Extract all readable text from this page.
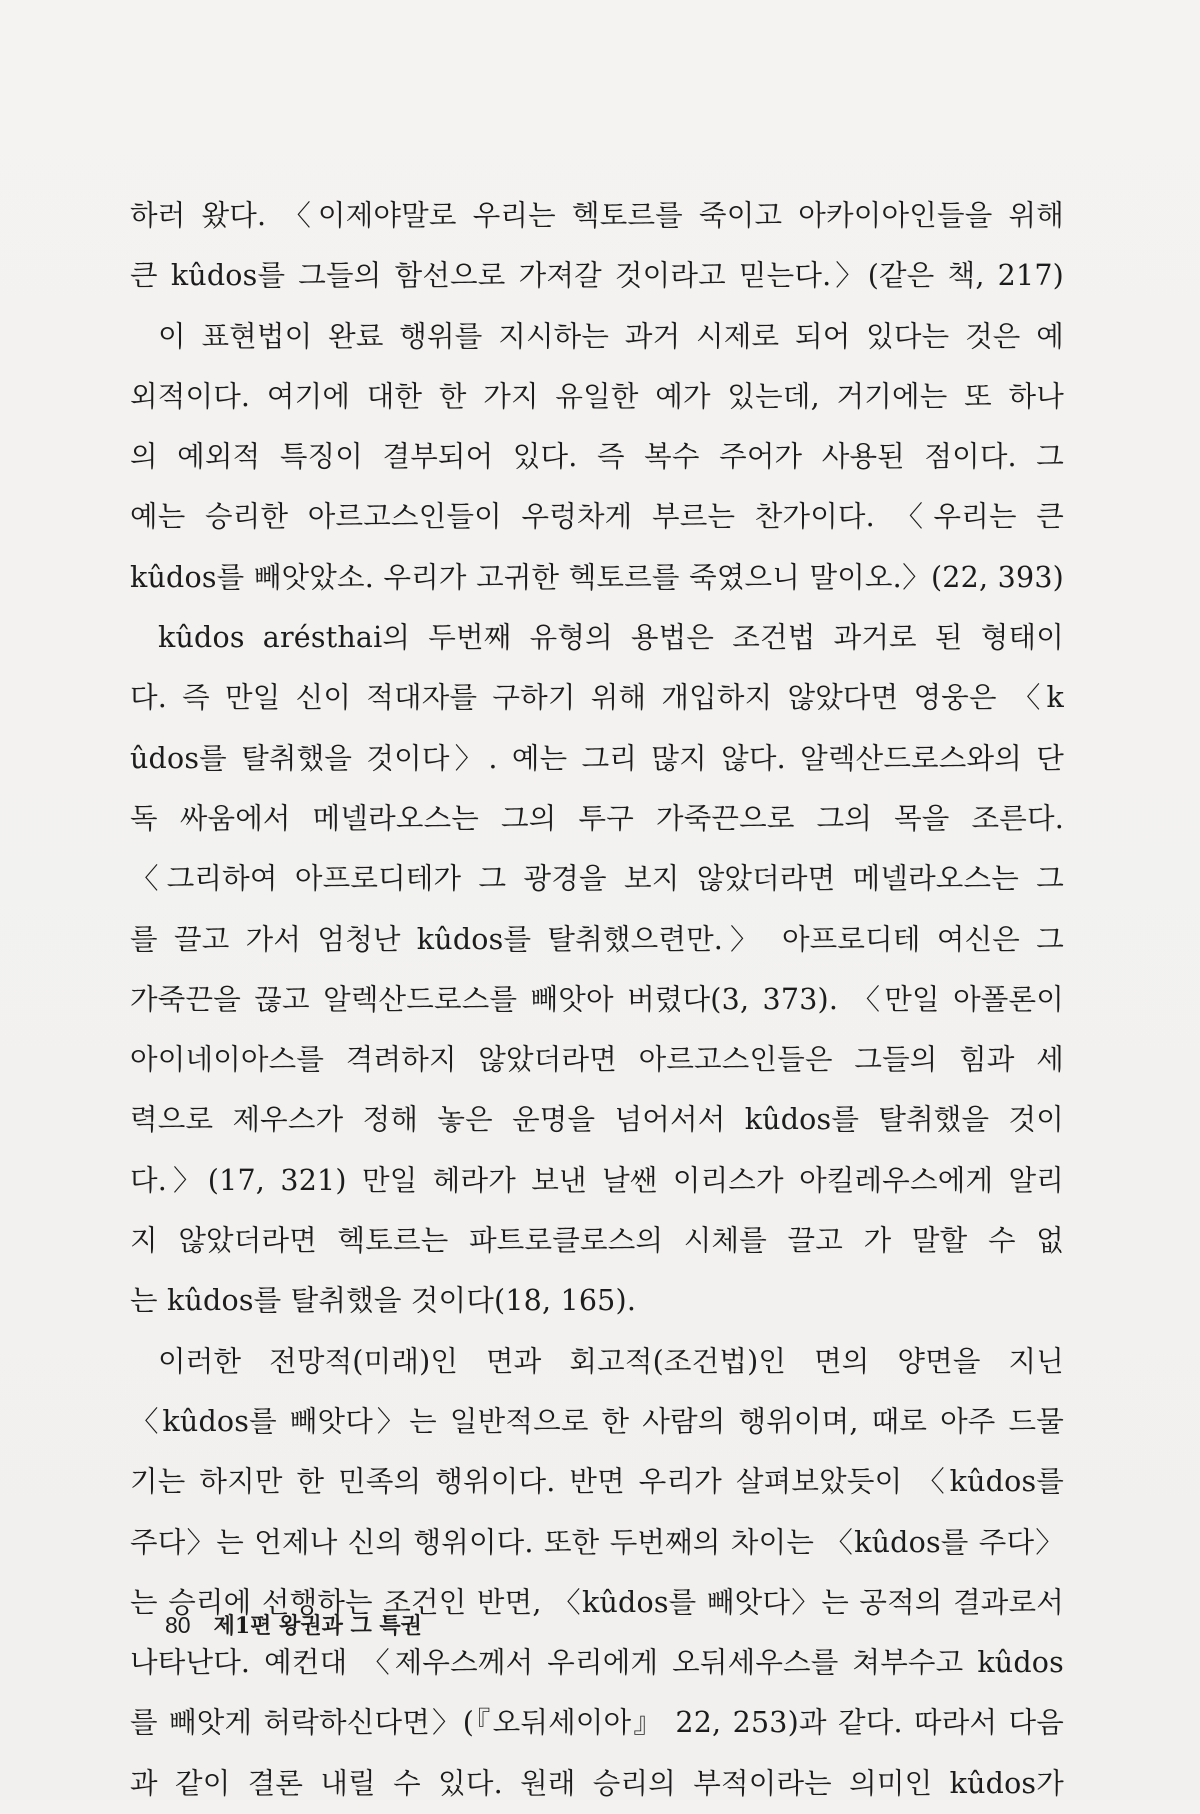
하러 왔다. 〈이제야말로 우리는 헥토르를 죽이고 아카이아인들을 위해
큰 kûdos를 그들의 함선으로 가져갈 것이라고 믿는다.〉(같은 책, 217)
이 표현법이 완료 행위를 지시하는 과거 시제로 되어 있다는 것은 예
외적이다. 여기에 대한 한 가지 유일한 예가 있는데, 거기에는 또 하나
의 예외적 특징이 결부되어 있다. 즉 복수 주어가 사용된 점이다. 그
예는 승리한 아르고스인들이 우렁차게 부르는 찬가이다. 〈우리는 큰
kûdos를 빼앗았소. 우리가 고귀한 헥토르를 죽였으니 말이오.〉(22, 393)
kûdos arésthai의 두번째 유형의 용법은 조건법 과거로 된 형태이
다. 즉 만일 신이 적대자를 구하기 위해 개입하지 않았다면 영웅은 〈k
ûdos를 탈취했을 것이다〉. 예는 그리 많지 않다. 알렉산드로스와의 단
독 싸움에서 메넬라오스는 그의 투구 가죽끈으로 그의 목을 조른다.
〈그리하여 아프로디테가 그 광경을 보지 않았더라면 메넬라오스는 그
를 끌고 가서 엄청난 kûdos를 탈취했으련만.〉 아프로디테 여신은 그
가죽끈을 끊고 알렉산드로스를 빼앗아 버렸다(3, 373). 〈만일 아폴론이
아이네이아스를 격려하지 않았더라면 아르고스인들은 그들의 힘과 세
력으로 제우스가 정해 놓은 운명을 넘어서서 kûdos를 탈취했을 것이
다.〉(17, 321) 만일 헤라가 보낸 날쌘 이리스가 아킬레우스에게 알리
지 않았더라면 헥토르는 파트로클로스의 시체를 끌고 가 말할 수 없
는 kûdos를 탈취했을 것이다(18, 165).
이러한 전망적(미래)인 면과 회고적(조건법)인 면의 양면을 지닌
〈kûdos를 빼앗다〉는 일반적으로 한 사람의 행위이며, 때로 아주 드물
기는 하지만 한 민족의 행위이다. 반면 우리가 살펴보았듯이 〈kûdos를
주다〉는 언제나 신의 행위이다. 또한 두번째의 차이는 〈kûdos를 주다〉
는 승리에 선행하는 조건인 반면, 〈kûdos를 빼앗다〉는 공적의 결과로서
나타난다. 예컨대 〈제우스께서 우리에게 오뒤세우스를 쳐부수고 kûdos
를 빼앗게 허락하신다면〉(『오뒤세이아』 22, 253)과 같다. 따라서 다음
과 같이 결론 내릴 수 있다. 원래 승리의 부적이라는 의미인 kûdos가
80 제1편 왕권과 그 특권
